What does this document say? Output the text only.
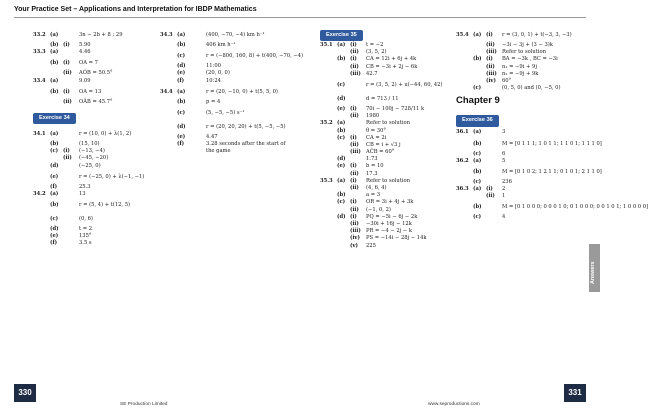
Your Practice Set – Applications and Interpretation for IBDP Mathematics
33.2 (a)	3n − 2b + 8 ; 29
(b) (i) 5.90
33.3 (a)	4.46
(b) (i) OA = 7
(ii) AÔB = 50.5°
33.4 (a)	9.09
(b) (i) OA = 13
(ii) OÂB = 45.7°
Exercise 34
34.1 (a)	r = (10, 0) + λ(1, 2)
(b)	(15, 10)
(c) (i) (−13, −4)
(ii) (−45, −20)
(d)	(−25, 0)
(e)	r = (−25, 0) + λ(−1, −1)
(f)	25.3
34.2 (a)	13
(b)	r = (5, 4) + t(12, 5)
(c)	(0, 6)
(d)	t = 2
(e)	135°
(f)	3.5 s
34.3 (a)	(400, −70, −4) km h⁻¹
(b)	406 km h⁻¹
(c)	r = (−800, 160, 8) + t(400, −70, −4)
(d)	11:00
(e)	(20, 0, 0)
(f)	10:24
34.4 (a)	r = (20, −10, 0) + t(5, 5, 0)
(b)	p = 4
(c)	(5, −5, −5) s⁻¹
(d)	r = (20, 20, 20) + t(5, −5, −5)
(e)	4.47
(f)	3.28 seconds after the start of
the game
Exercise 35
35.1 (a) (i) t = −2
(ii) (3, 5, 2)
(b) (i) CA = 12i + 6j + 4k
(ii) CB = −3i + 2j − 6k
(iii) 42.7
(c)	r = (3, 5, 2) + u(−44, 60, 42)
(d)	d = 713 / 11
(e) (i) 70i − 100j − 728/11 k
(ii) 1980
35.2 (a)	Refer to solution
(b)	θ = 30°
(c) (i) CA = 2i
(ii) CB = i + √3 j
(iii) AĈB = 60°
(d)	1.73
(e) (i) b = 10
(ii) 17.3
35.3 (a) (i) Refer to solution
(ii) (4, 6, 4)
(b)	a = 3
(c) (i) OR = 3i + 4j + 3k
(ii) (−1, 0, 2)
(d) (i) PQ = −5i − 6j − 2k
(ii) −30i + 16j − 12k
(iii) PR = −4 − 2j − k
(iv) PS = −14i − 28j − 14k
(v) 225
35.4 (a) (i) r = (3, 0, 1) + t(−3, 3, −3)
(ii) −3i − 3j + (3 − 3)k
(iii) Refer to solution
(b) (i) BA = −3k , BC = −3i
(ii) n₁ = −9i + 9j
(iii) n₂ = −9j + 9k
(iv) 60°
(c)	(0, 5, 0) and (0, −5, 0)
Chapter 9
Exercise 36
36.1 (a)	3
(b)	M = [0 1 1 1; 1 0 1 1; 1 1 0 1; 1 1 1 0]
(c)	6
36.2 (a)	5
(b)	M = [0 1 0 2; 1 2 1 1; 0 1 0 1; 2 1 1 0]
(c)	236
36.3 (a) (i) 2
(ii) 1
(b)	M = [0 1 0 0 0; 0 0 0 1 0; 0 1 0 0 0; 0 0 1 0 1; 1 0 0 0 0]
(c)	4
Answers
330	331
SE Production Limited	www.seproductions.com
